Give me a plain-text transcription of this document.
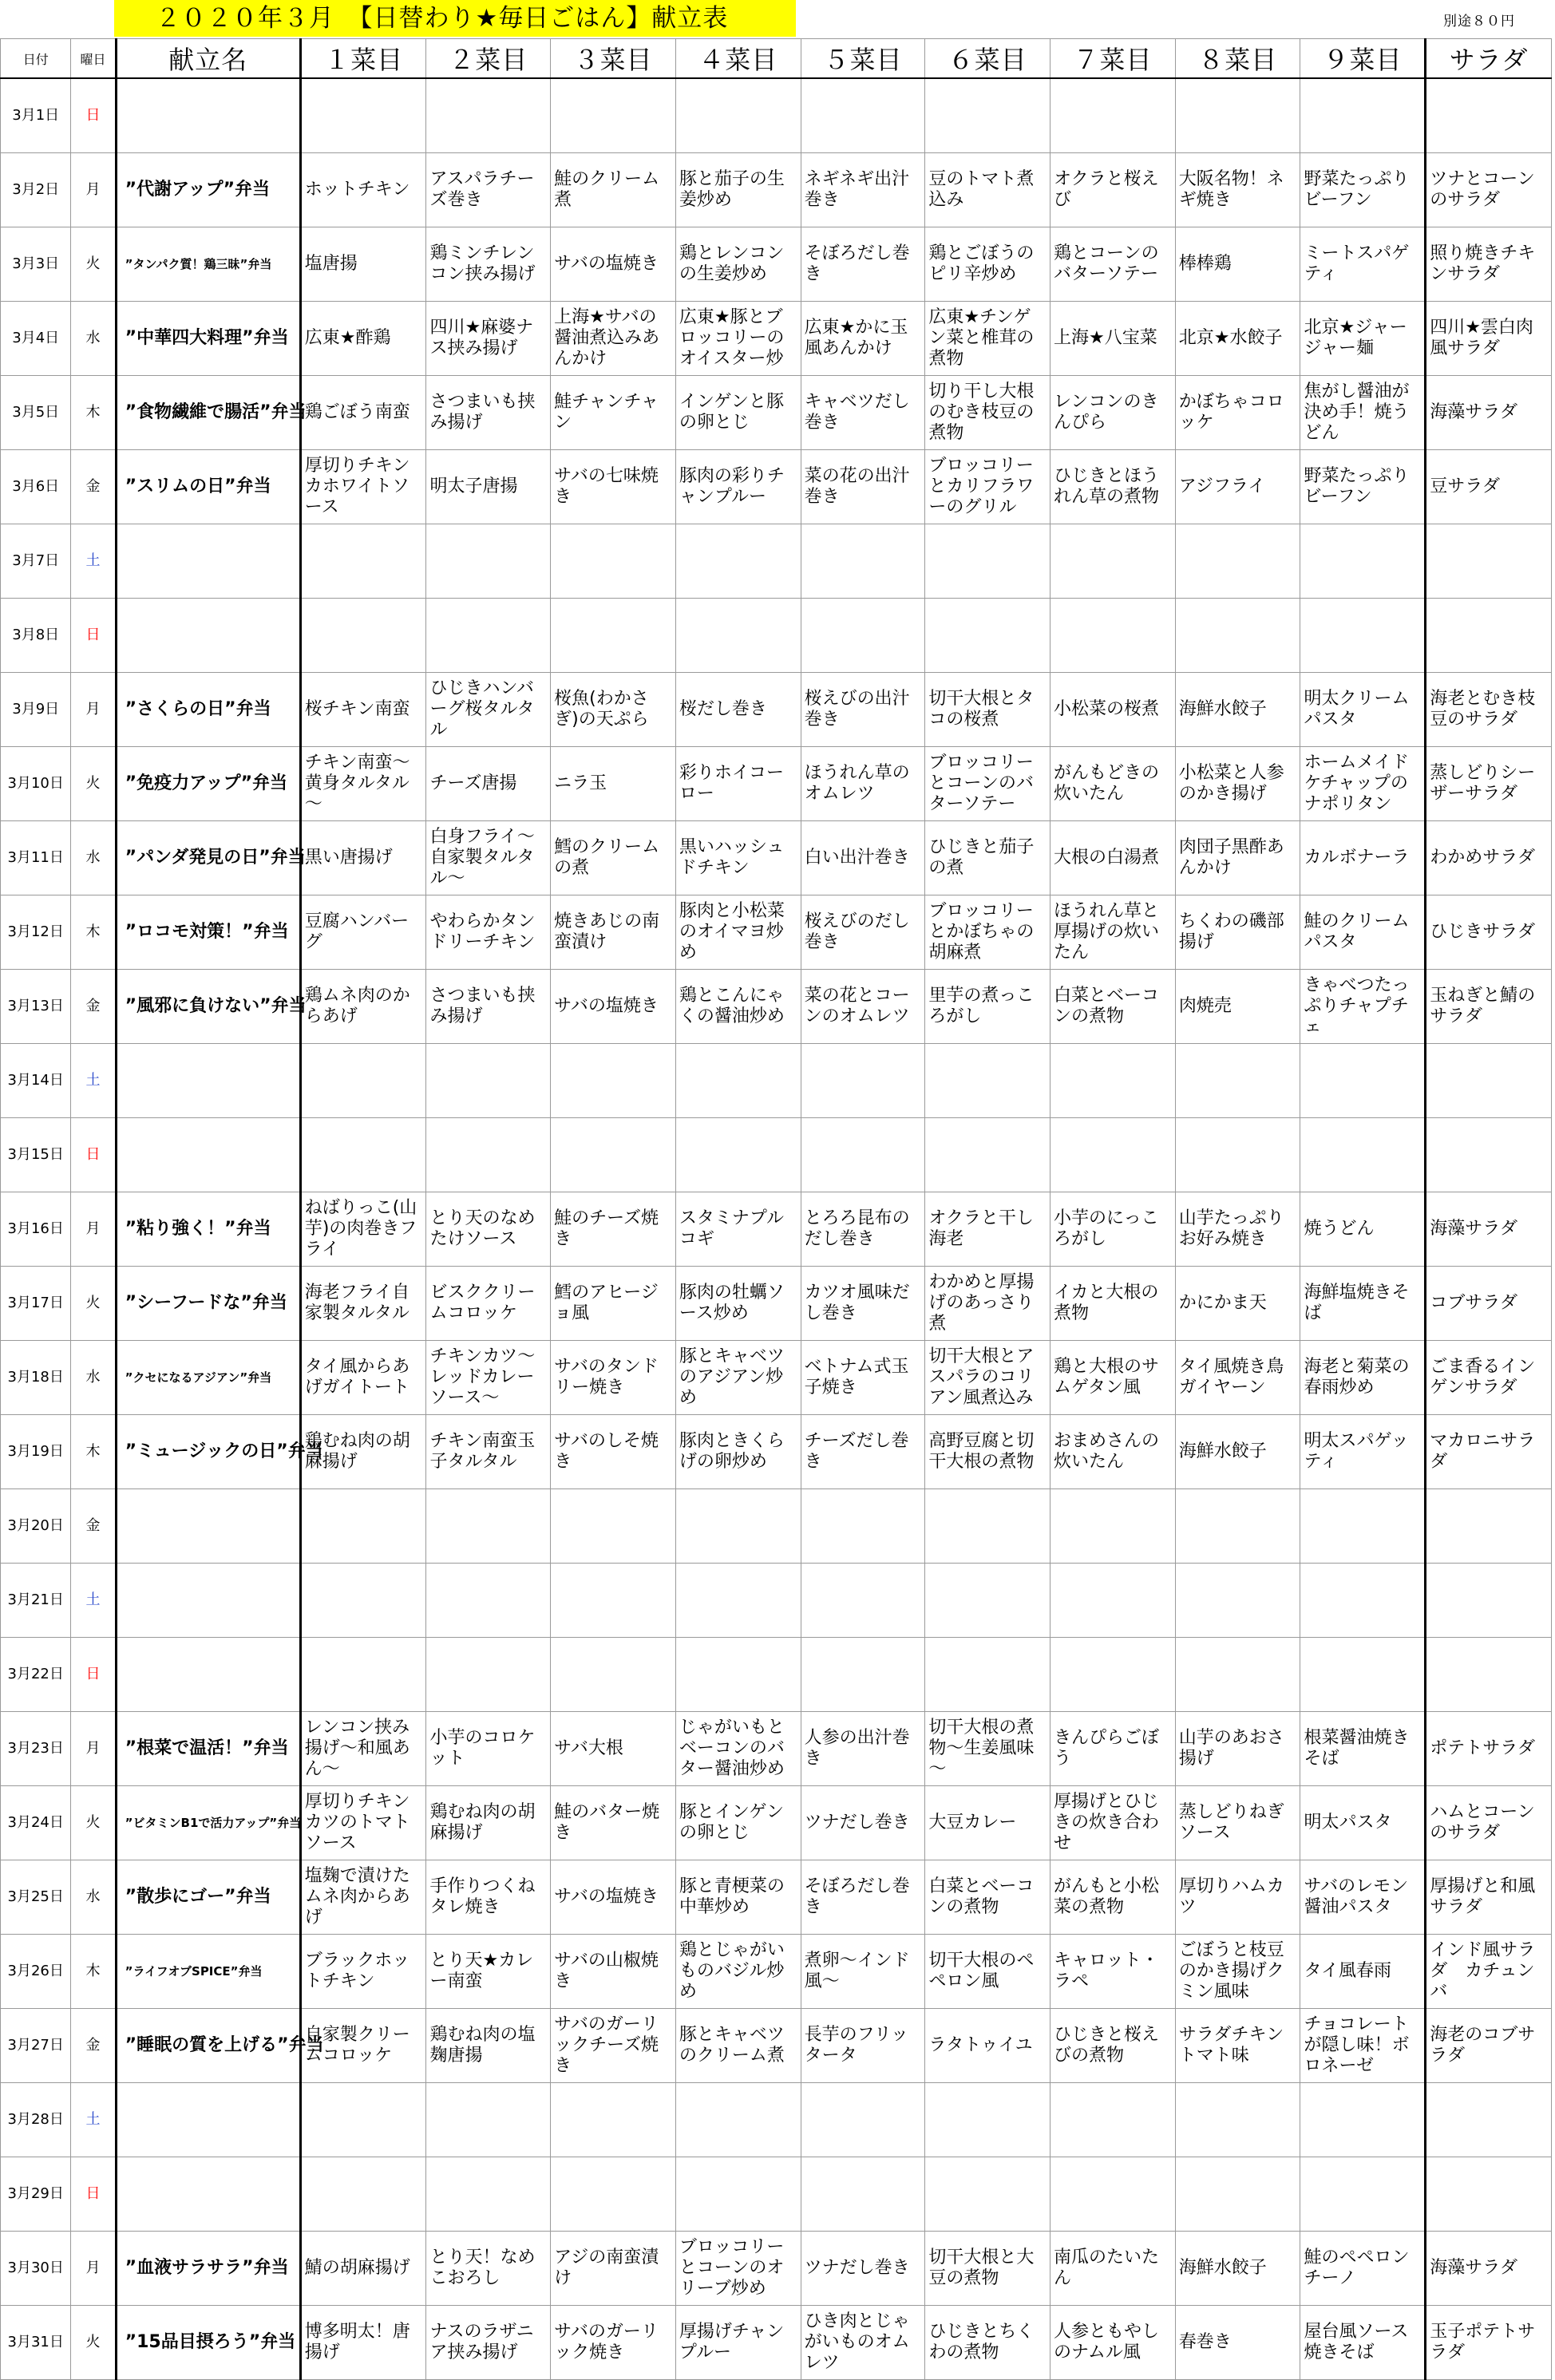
２０２０年３月　【日替わり★毎日ごはん】献立表	別途８０円
日付	曜日	献立名	１菜目	２菜目	３菜目	４菜目	５菜目	６菜目	７菜目	８菜目	９菜目	サラダ
3月1日	日											
3月2日	月	”代謝アップ”弁当	ホットチキン	アスパラチーズ巻き	鮭のクリーム煮	豚と茄子の生姜炒め	ネギネギ出汁巻き	豆のトマト煮込み	オクラと桜えび	大阪名物！ネギ焼き	野菜たっぷりビーフン	ツナとコーンのサラダ
3月3日	火	”タンパク質！鶏三昧”弁当	塩唐揚	鶏ミンチレンコン挟み揚げ	サバの塩焼き	鶏とレンコンの生姜炒め	そぼろだし巻き	鶏とごぼうのピリ辛炒め	鶏とコーンのバターソテー	棒棒鶏	ミートスパゲティ	照り焼きチキンサラダ
3月4日	水	”中華四大料理”弁当	広東★酢鶏	四川★麻婆ナス挟み揚げ	上海★サバの醤油煮込みあんかけ	広東★豚とブロッコリーのオイスター炒	広東★かに玉風あんかけ	広東★チンゲン菜と椎茸の煮物	上海★八宝菜	北京★水餃子	北京★ジャージャー麺	四川★雲白肉風サラダ
3月5日	木	”食物繊維で腸活”弁当	鶏ごぼう南蛮	さつまいも挟み揚げ	鮭チャンチャン	インゲンと豚の卵とじ	キャベツだし巻き	切り干し大根のむき枝豆の煮物	レンコンのきんぴら	かぼちゃコロッケ	焦がし醤油が決め手！焼うどん	海藻サラダ
3月6日	金	”スリムの日”弁当	厚切りチキンカホワイトソース	明太子唐揚	サバの七味焼き	豚肉の彩りチャンプルー	菜の花の出汁巻き	ブロッコリーとカリフラワーのグリル	ひじきとほうれん草の煮物	アジフライ	野菜たっぷりビーフン	豆サラダ
3月7日	土											
3月8日	日											
3月9日	月	”さくらの日”弁当	桜チキン南蛮	ひじきハンバーグ桜タルタル	桜魚(わかさぎ)の天ぷら	桜だし巻き	桜えびの出汁巻き	切干大根とタコの桜煮	小松菜の桜煮	海鮮水餃子	明太クリームパスタ	海老とむき枝豆のサラダ
3月10日	火	”免疫力アップ”弁当	チキン南蛮～黄身タルタル～	チーズ唐揚	ニラ玉	彩りホイコーロー	ほうれん草のオムレツ	ブロッコリーとコーンのバターソテー	がんもどきの炊いたん	小松菜と人参のかき揚げ	ホームメイドケチャップのナポリタン	蒸しどりシーザーサラダ
3月11日	水	”パンダ発見の日”弁当	黒い唐揚げ	白身フライ～自家製タルタル～	鱈のクリームの煮	黒いハッシュドチキン	白い出汁巻き	ひじきと茄子の煮	大根の白湯煮	肉団子黒酢あんかけ	カルボナーラ	わかめサラダ
3月12日	木	”ロコモ対策！”弁当	豆腐ハンバーグ	やわらかタンドリーチキン	焼きあじの南蛮漬け	豚肉と小松菜のオイマヨ炒め	桜えびのだし巻き	ブロッコリーとかぼちゃの胡麻煮	ほうれん草と厚揚げの炊いたん	ちくわの磯部揚げ	鮭のクリームパスタ	ひじきサラダ
3月13日	金	”風邪に負けない”弁当	鶏ムネ肉のからあげ	さつまいも挟み揚げ	サバの塩焼き	鶏とこんにゃくの醤油炒め	菜の花とコーンのオムレツ	里芋の煮っころがし	白菜とベーコンの煮物	肉焼売	きゃべつたっぷりチャプチェ	玉ねぎと鯖のサラダ
3月14日	土											
3月15日	日											
3月16日	月	”粘り強く！”弁当	ねばりっこ(山芋)の肉巻きフライ	とり天のなめたけソース	鮭のチーズ焼き	スタミナプルコギ	とろろ昆布のだし巻き	オクラと干し海老	小芋のにっころがし	山芋たっぷりお好み焼き	焼うどん	海藻サラダ
3月17日	火	”シーフードな”弁当	海老フライ自家製タルタル	ビスククリームコロッケ	鱈のアヒージョ風	豚肉の牡蠣ソース炒め	カツオ風味だし巻き	わかめと厚揚げのあっさり煮	イカと大根の煮物	かにかま天	海鮮塩焼きそば	コブサラダ
3月18日	水	”クセになるアジアン”弁当	タイ風からあげガイトート	チキンカツ～レッドカレーソース～	サバのタンドリー焼き	豚とキャベツのアジアン炒め	ベトナム式玉子焼き	切干大根とアスパラのコリアン風煮込み	鶏と大根のサムゲタン風	タイ風焼き鳥ガイヤーン	海老と菊菜の春雨炒め	ごま香るインゲンサラダ
3月19日	木	”ミュージックの日”弁当	鶏むね肉の胡麻揚げ	チキン南蛮玉子タルタル	サバのしそ焼き	豚肉ときくらげの卵炒め	チーズだし巻き	高野豆腐と切干大根の煮物	おまめさんの炊いたん	海鮮水餃子	明太スパゲッティ	マカロニサラダ
3月20日	金											
3月21日	土											
3月22日	日											
3月23日	月	”根菜で温活！”弁当	レンコン挟み揚げ～和風あん～	小芋のコロケット	サバ大根	じゃがいもとベーコンのバター醤油炒め	人参の出汁巻き	切干大根の煮物～生姜風味～	きんぴらごぼう	山芋のあおさ揚げ	根菜醤油焼きそば	ポテトサラダ
3月24日	火	”ビタミンB1で活力アップ”弁当	厚切りチキンカツのトマトソース	鶏むね肉の胡麻揚げ	鮭のバター焼き	豚とインゲンの卵とじ	ツナだし巻き	大豆カレー	厚揚げとひじきの炊き合わせ	蒸しどりねぎソース	明太パスタ	ハムとコーンのサラダ
3月25日	水	”散歩にゴー”弁当	塩麹で漬けたムネ肉からあげ	手作りつくねタレ焼き	サバの塩焼き	豚と青梗菜の中華炒め	そぼろだし巻き	白菜とベーコンの煮物	がんもと小松菜の煮物	厚切りハムカツ	サバのレモン醤油パスタ	厚揚げと和風サラダ
3月26日	木	”ライフオブSPICE”弁当	ブラックホットチキン	とり天★カレー南蛮	サバの山椒焼き	鶏とじゃがいものバジル炒め	煮卵～インド風～	切干大根のペペロン風	キャロット・ラペ	ごぼうと枝豆のかき揚げクミン風味	タイ風春雨	インド風サラダ　カチュンバ
3月27日	金	”睡眠の質を上げる”弁当	自家製クリームコロッケ	鶏むね肉の塩麹唐揚	サバのガーリックチーズ焼き	豚とキャベツのクリーム煮	長芋のフリッタータ	ラタトゥイユ	ひじきと桜えびの煮物	サラダチキントマト味	チョコレートが隠し味！ボロネーゼ	海老のコブサラダ
3月28日	土											
3月29日	日											
3月30日	月	”血液サラサラ”弁当	鯖の胡麻揚げ	とり天！なめこおろし	アジの南蛮漬け	ブロッコリーとコーンのオリーブ炒め	ツナだし巻き	切干大根と大豆の煮物	南瓜のたいたん	海鮮水餃子	鮭のペペロンチーノ	海藻サラダ
3月31日	火	”15品目摂ろう”弁当	博多明太！唐揚げ	ナスのラザニア挟み揚げ	サバのガーリック焼き	厚揚げチャンプルー	ひき肉とじゃがいものオムレツ	ひじきとちくわの煮物	人参ともやしのナムル風	春巻き	屋台風ソース焼きそば	玉子ポテトサラダ
